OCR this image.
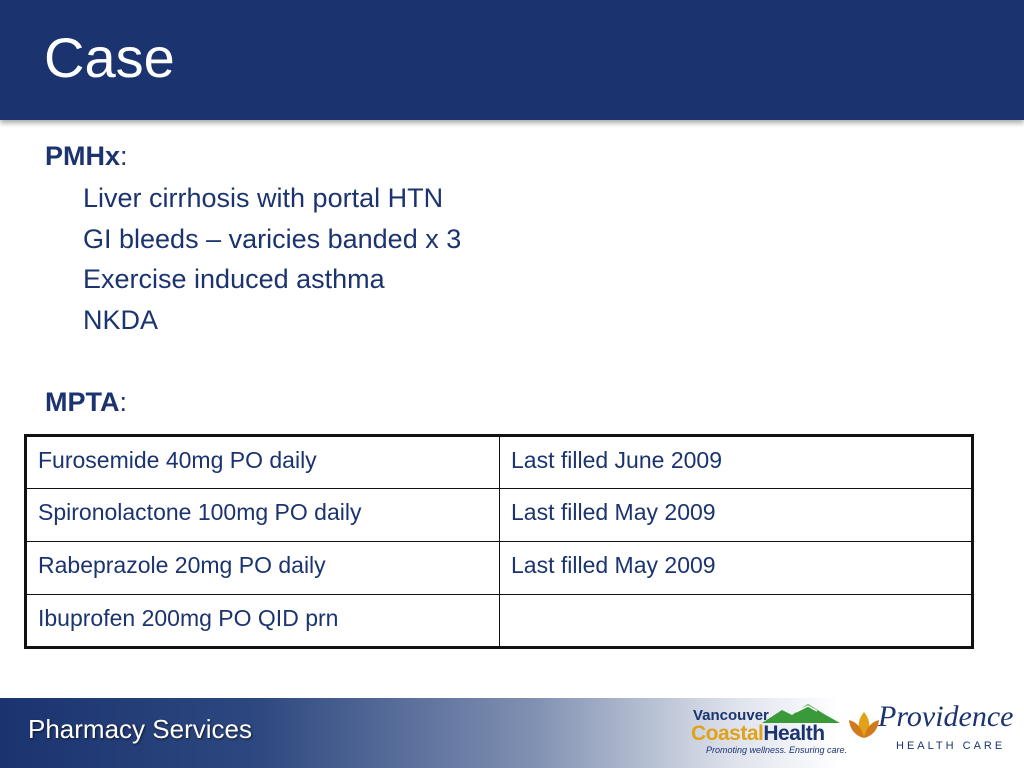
Case
PMHx:
Liver cirrhosis with portal HTN
GI bleeds – varicies banded x 3
Exercise induced asthma
NKDA
MPTA:
Furosemide 40mg PO daily	Last filled June 2009
Spironolactone 100mg PO daily	Last filled May 2009
Rabeprazole 20mg PO daily	Last filled May 2009
Ibuprofen 200mg PO QID prn	
Pharmacy Services	Vancouver
CoastalHealth
Promoting wellness. Ensuring care.
Providence
HEALTH CARE
